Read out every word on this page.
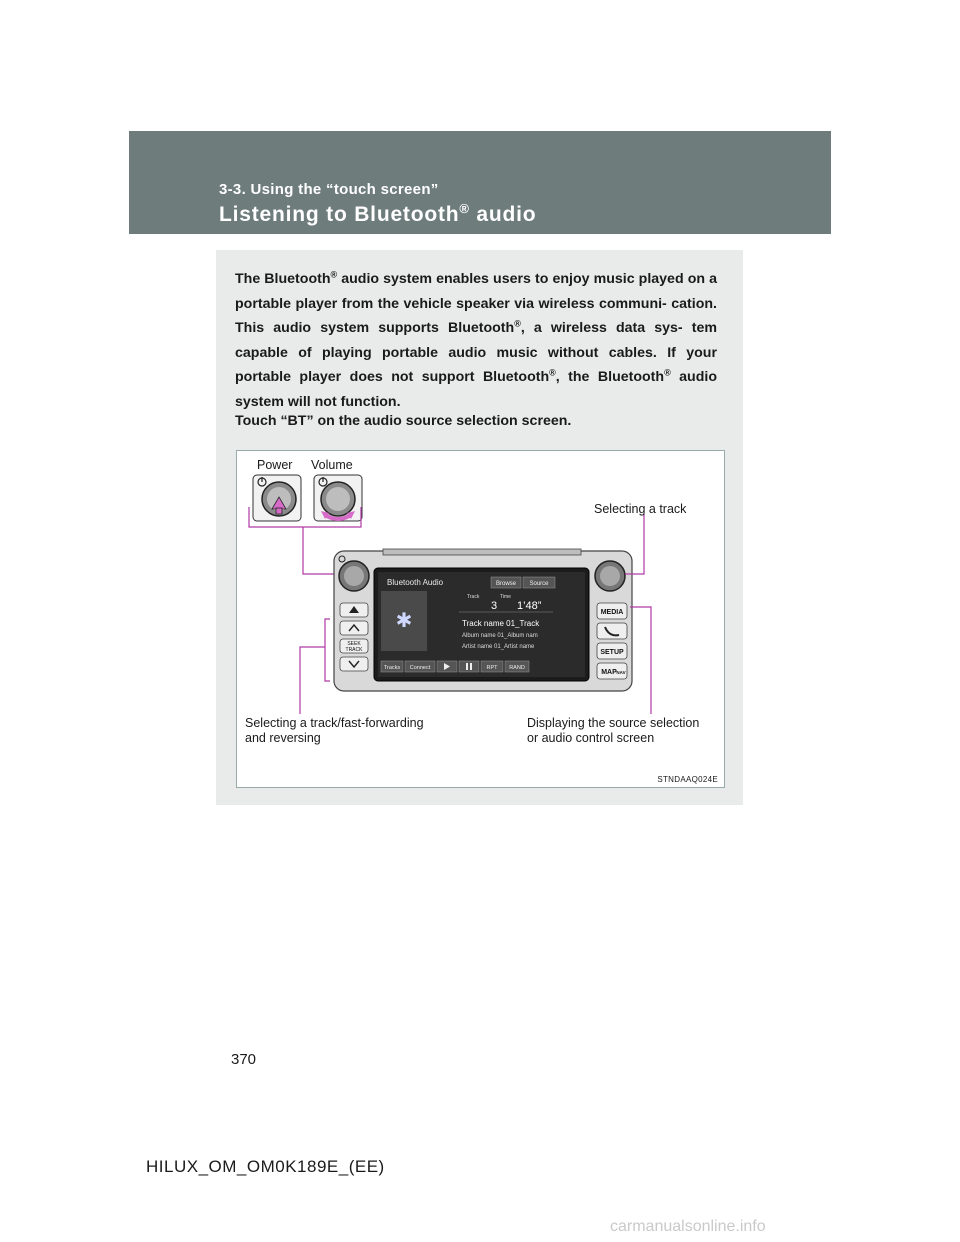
3-3. Using the “touch screen”
Listening to Bluetooth® audio
The Bluetooth® audio system enables users to enjoy music played on a portable player from the vehicle speaker via wireless communi- cation. This audio system supports Bluetooth®, a wireless data sys- tem capable of playing portable audio music without cables. If your portable player does not support Bluetooth®, the Bluetooth® audio system will not function.
Touch “BT” on the audio source selection screen.
SEEK
TRACK
MEDIA
SETUP
MAP NAV
Bluetooth Audio	Browse Source
✱
Track	Time
3 1’48”
Track name 01_Track
Album name 01_Album nam
Artist name 01_Artist name
Tracks Connect	RPT RAND
Power Volume
Selecting a track
Selecting a track/fast-forwarding
and reversing
Displaying the source selection
or audio control screen
STNDAAQ024E
370
HILUX_OM_OM0K189E_(EE)
carmanualsonline.info
